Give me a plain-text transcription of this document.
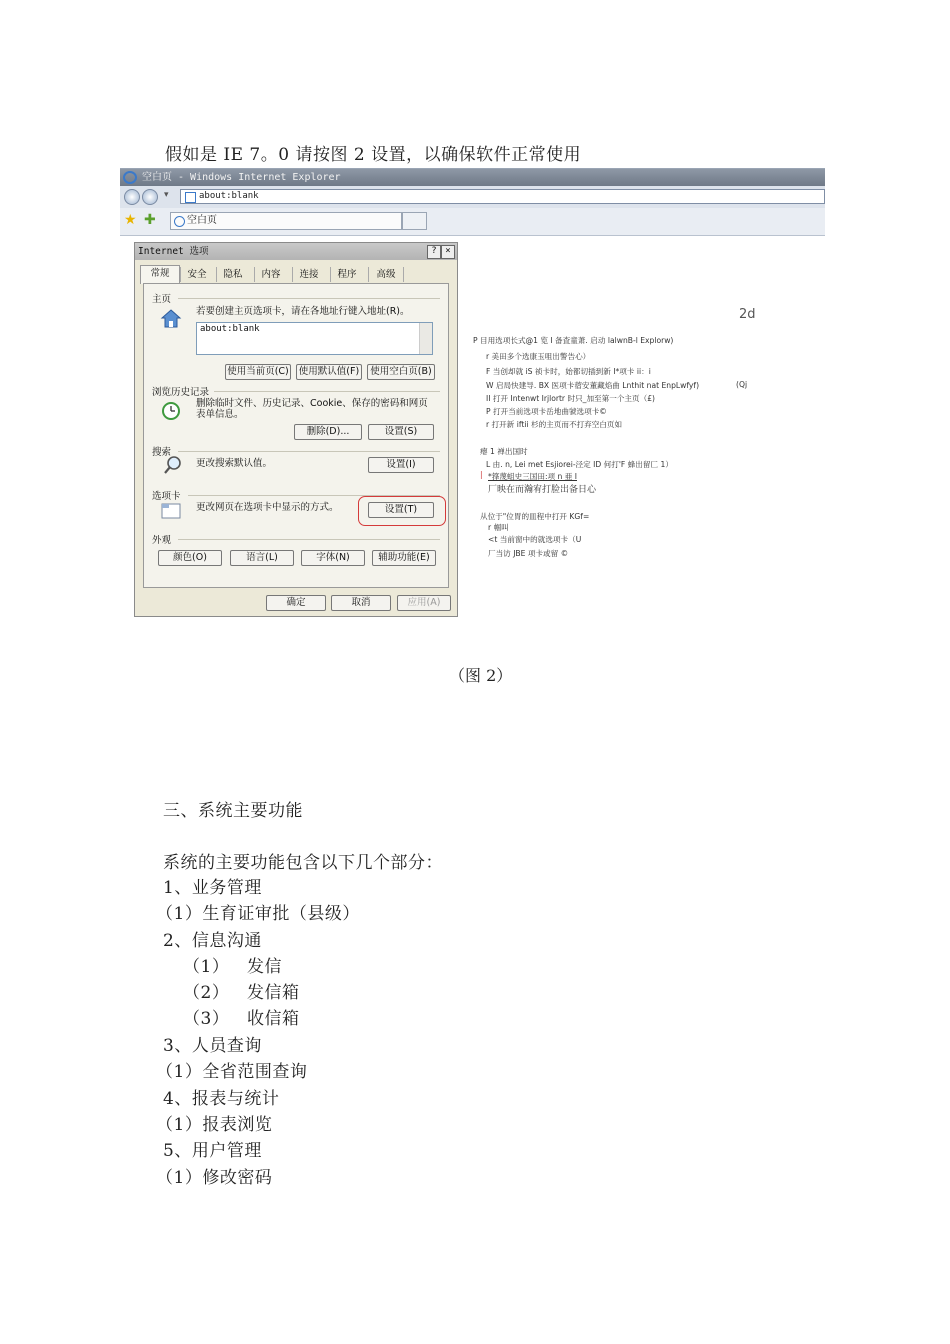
假如是 IE 7。0 请按图 2 设置，以确保软件正常使用
空白页 - Windows Internet Explorer
▾	about:blank
★ ✚	空白页
Internet 选项	? ×
常规	安全	隐私	内容	连接	程序	高级
主页
若要创建主页选项卡，请在各地址行键入地址(R)。
about:blank
使用当前页(C) 使用默认值(F)	使用空白页(B)
浏览历史记录
删除临时文件、历史记录、Cookie、保存的密码和网页
表单信息。
删除(D)...	设置(S)
搜索
更改搜索默认值。	设置(I)
选项卡
更改网页在选项卡中显示的方式。	设置(T)
外观
颜色(O)	语言(L)	字体(N)	辅助功能(E)
确定	取消	应用(A)
2d
P 目用选项长式@1 览 I 备査童萧. 启动 lalwnB-l Explorw)
r 美田多个选康玉咀出警告心）
F 当创却就 iS 祯卡时，始都切插到新 I*项卡 ii：i
W 启局快建导. BX 医项卡蓿安董藏焰曲 Lnthit nat EnpLwfyf)	(Qj
II 打开 Intenwt Irjlortr 时只_加至第一个主页（£)
P 打开当前选项卡岳地曲虢选项卡©
r 打开新 iftii 杉的主页而不打弃空白页如
瘪 1 禅出国时
L 由. n, Lei met Esjiorei-泾定 ID 何打'F 蜂出留匚 1）
| *箨蔑蛆史三国田:项 n 亜 I
厂映在而瀚宥打脸出备日心
从位于"位胃的皿程中打开 KGf=
r 帼叫
<t 当前窗中的就选项卡（U
厂当访 JBE 项卡或留 ©
（图 2）
三、系统主要功能
系统的主要功能包含以下几个部分：
1、业务管理
（1）生育证审批（县级）
2、信息沟通
（1）   发信
（2）   发信箱
（3）   收信箱
3、人员查询
（1）全省范围查询
4、报表与统计
（1）报表浏览
5、用户管理
（1）修改密码
